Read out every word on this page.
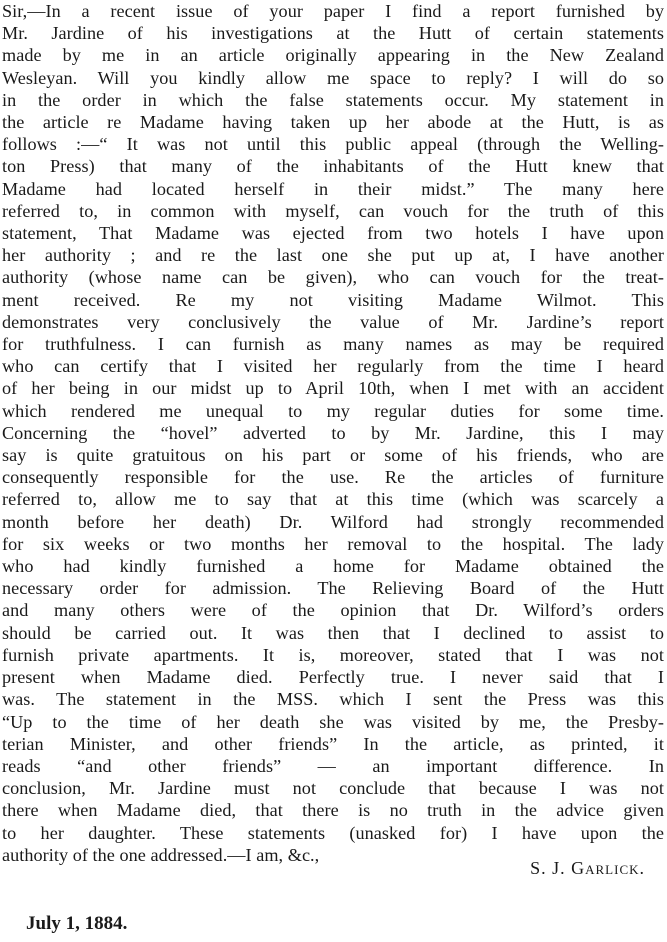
Sir,—In a recent issue of your paper I find a report furnished by
Mr. Jardine of his investigations at the Hutt of certain statements
made by me in an article originally appearing in the New Zealand
Wesleyan. Will you kindly allow me space to reply? I will do so
in the order in which the false statements occur. My statement in
the article re Madame having taken up her abode at the Hutt, is as
follows :—“ It was not until this public appeal (through the Welling-
ton Press) that many of the inhabitants of the Hutt knew that
Madame had located herself in their midst.” The many here
referred to, in common with myself, can vouch for the truth of this
statement, That Madame was ejected from two hotels I have upon
her authority ; and re the last one she put up at, I have another
authority (whose name can be given), who can vouch for the treat-
ment received. Re my not visiting Madame Wilmot. This
demonstrates very conclusively the value of Mr. Jardine’s report
for truthfulness. I can furnish as many names as may be required
who can certify that I visited her regularly from the time I heard
of her being in our midst up to April 10th, when I met with an accident
which rendered me unequal to my regular duties for some time.
Concerning the “hovel” adverted to by Mr. Jardine, this I may
say is quite gratuitous on his part or some of his friends, who are
consequently responsible for the use. Re the articles of furniture
referred to, allow me to say that at this time (which was scarcely a
month before her death) Dr. Wilford had strongly recommended
for six weeks or two months her removal to the hospital. The lady
who had kindly furnished a home for Madame obtained the
necessary order for admission. The Relieving Board of the Hutt
and many others were of the opinion that Dr. Wilford’s orders
should be carried out. It was then that I declined to assist to
furnish private apartments. It is, moreover, stated that I was not
present when Madame died. Perfectly true. I never said that I
was. The statement in the MSS. which I sent the Press was this
“Up to the time of her death she was visited by me, the Presby-
terian Minister, and other friends” In the article, as printed, it
reads “and other friends” — an important difference. In
conclusion, Mr. Jardine must not conclude that because I was not
there when Madame died, that there is no truth in the advice given
to her daughter. These statements (unasked for) I have upon the
authority of the one addressed.—I am, &c.,

S. J. Garlick.
July 1, 1884.
